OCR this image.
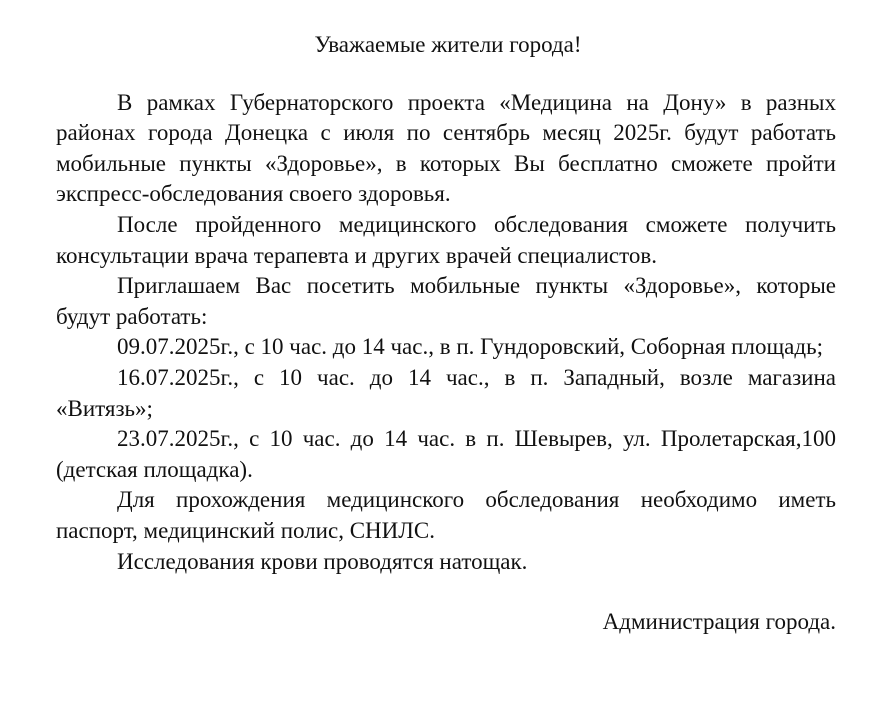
Уважаемые жители города!

В рамках Губернаторского проекта «Медицина на Дону» в разных районах города Донецка с июля по сентябрь месяц 2025г. будут работать мобильные пункты «Здоровье», в которых Вы бесплатно сможете пройти экспресс-обследования своего здоровья.

После пройденного медицинского обследования сможете получить консультации врача терапевта и других врачей специалистов.

Приглашаем Вас посетить мобильные пункты «Здоровье», которые будут работать:

09.07.2025г., с 10 час. до 14 час., в п. Гундоровский, Соборная площадь;

16.07.2025г., с 10 час. до 14 час., в п. Западный, возле магазина «Витязь»;

23.07.2025г., с 10 час. до 14 час. в п. Шевырев, ул. Пролетарская,100 (детская площадка).

Для прохождения медицинского обследования необходимо иметь паспорт, медицинский полис, СНИЛС.

Исследования крови проводятся натощак.

Администрация города.
